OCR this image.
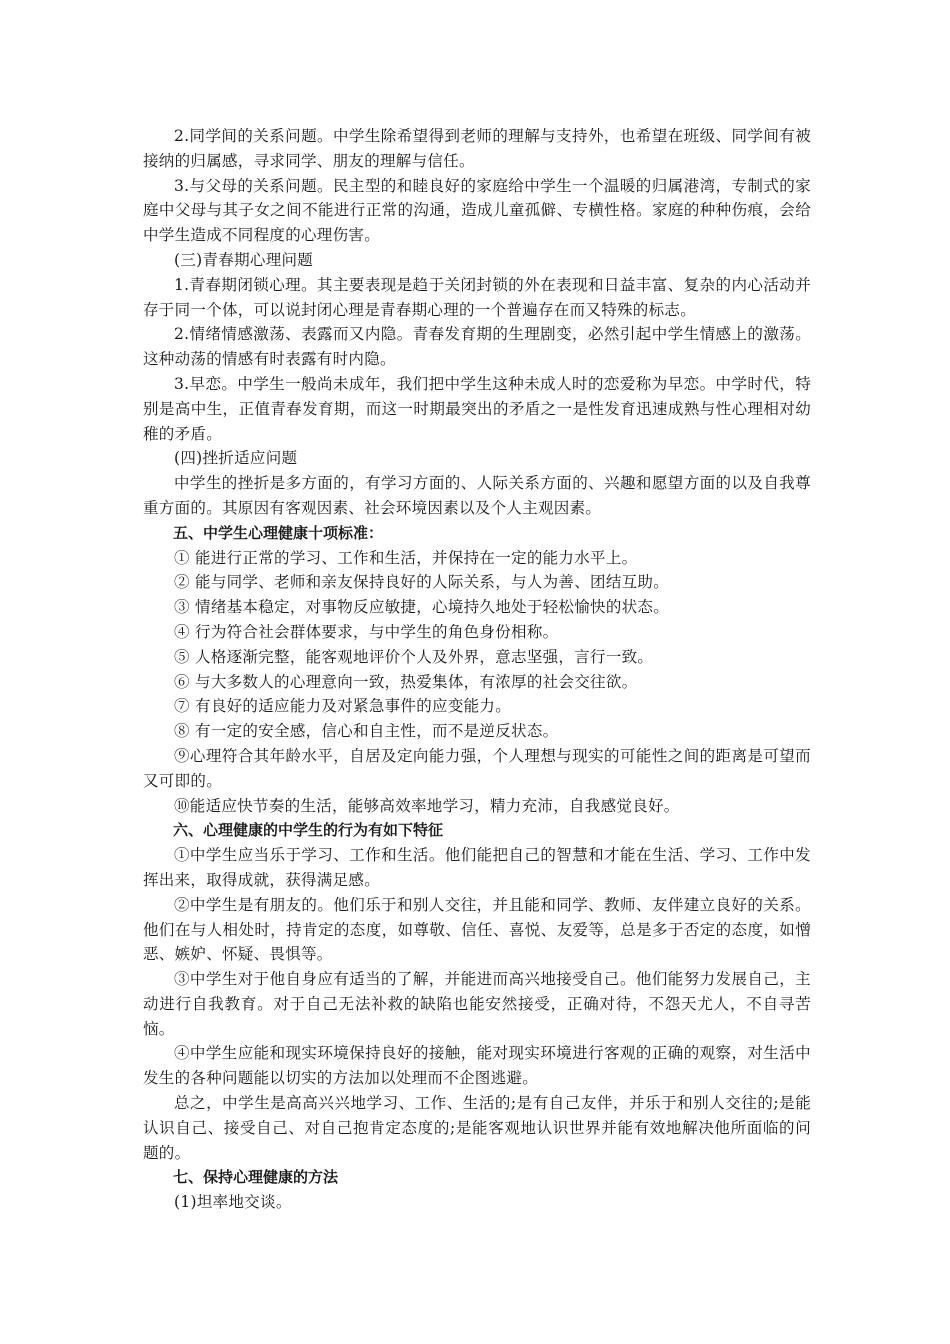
2.同学间的关系问题。中学生除希望得到老师的理解与支持外，也希望在班级、同学间有被接纳的归属感，寻求同学、朋友的理解与信任。

3.与父母的关系问题。民主型的和睦良好的家庭给中学生一个温暖的归属港湾，专制式的家庭中父母与其子女之间不能进行正常的沟通，造成儿童孤僻、专横性格。家庭的种种伤痕，会给中学生造成不同程度的心理伤害。

(三)青春期心理问题

1.青春期闭锁心理。其主要表现是趋于关闭封锁的外在表现和日益丰富、复杂的内心活动并存于同一个体，可以说封闭心理是青春期心理的一个普遍存在而又特殊的标志。

2.情绪情感激荡、表露而又内隐。青春发育期的生理剧变，必然引起中学生情感上的激荡。这种动荡的情感有时表露有时内隐。

3.早恋。中学生一般尚未成年，我们把中学生这种未成人时的恋爱称为早恋。中学时代，特别是高中生，正值青春发育期，而这一时期最突出的矛盾之一是性发育迅速成熟与性心理相对幼稚的矛盾。

(四)挫折适应问题

中学生的挫折是多方面的，有学习方面的、人际关系方面的、兴趣和愿望方面的以及自我尊重方面的。其原因有客观因素、社会环境因素以及个人主观因素。

五、中学生心理健康十项标准：

① 能进行正常的学习、工作和生活，并保持在一定的能力水平上。

② 能与同学、老师和亲友保持良好的人际关系，与人为善、团结互助。

③ 情绪基本稳定，对事物反应敏捷，心境持久地处于轻松愉快的状态。

④ 行为符合社会群体要求，与中学生的角色身份相称。

⑤ 人格逐渐完整，能客观地评价个人及外界，意志坚强，言行一致。

⑥ 与大多数人的心理意向一致，热爱集体，有浓厚的社会交往欲。

⑦ 有良好的适应能力及对紧急事件的应变能力。

⑧ 有一定的安全感，信心和自主性，而不是逆反状态。

⑨心理符合其年龄水平，自居及定向能力强，个人理想与现实的可能性之间的距离是可望而又可即的。

⑩能适应快节奏的生活，能够高效率地学习，精力充沛，自我感觉良好。

六、心理健康的中学生的行为有如下特征

①中学生应当乐于学习、工作和生活。他们能把自己的智慧和才能在生活、学习、工作中发挥出来，取得成就，获得满足感。

②中学生是有朋友的。他们乐于和别人交往，并且能和同学、教师、友伴建立良好的关系。他们在与人相处时，持肯定的态度，如尊敬、信任、喜悦、友爱等，总是多于否定的态度，如憎恶、嫉妒、怀疑、畏惧等。

③中学生对于他自身应有适当的了解，并能进而高兴地接受自己。他们能努力发展自己，主动进行自我教育。对于自己无法补救的缺陷也能安然接受，正确对待，不怨天尤人，不自寻苦恼。

④中学生应能和现实环境保持良好的接触，能对现实环境进行客观的正确的观察，对生活中发生的各种问题能以切实的方法加以处理而不企图逃避。

总之，中学生是高高兴兴地学习、工作、生活的;是有自己友伴，并乐于和别人交往的;是能认识自己、接受自己、对自己抱肯定态度的;是能客观地认识世界并能有效地解决他所面临的问题的。

七、保持心理健康的方法

(1)坦率地交谈。
